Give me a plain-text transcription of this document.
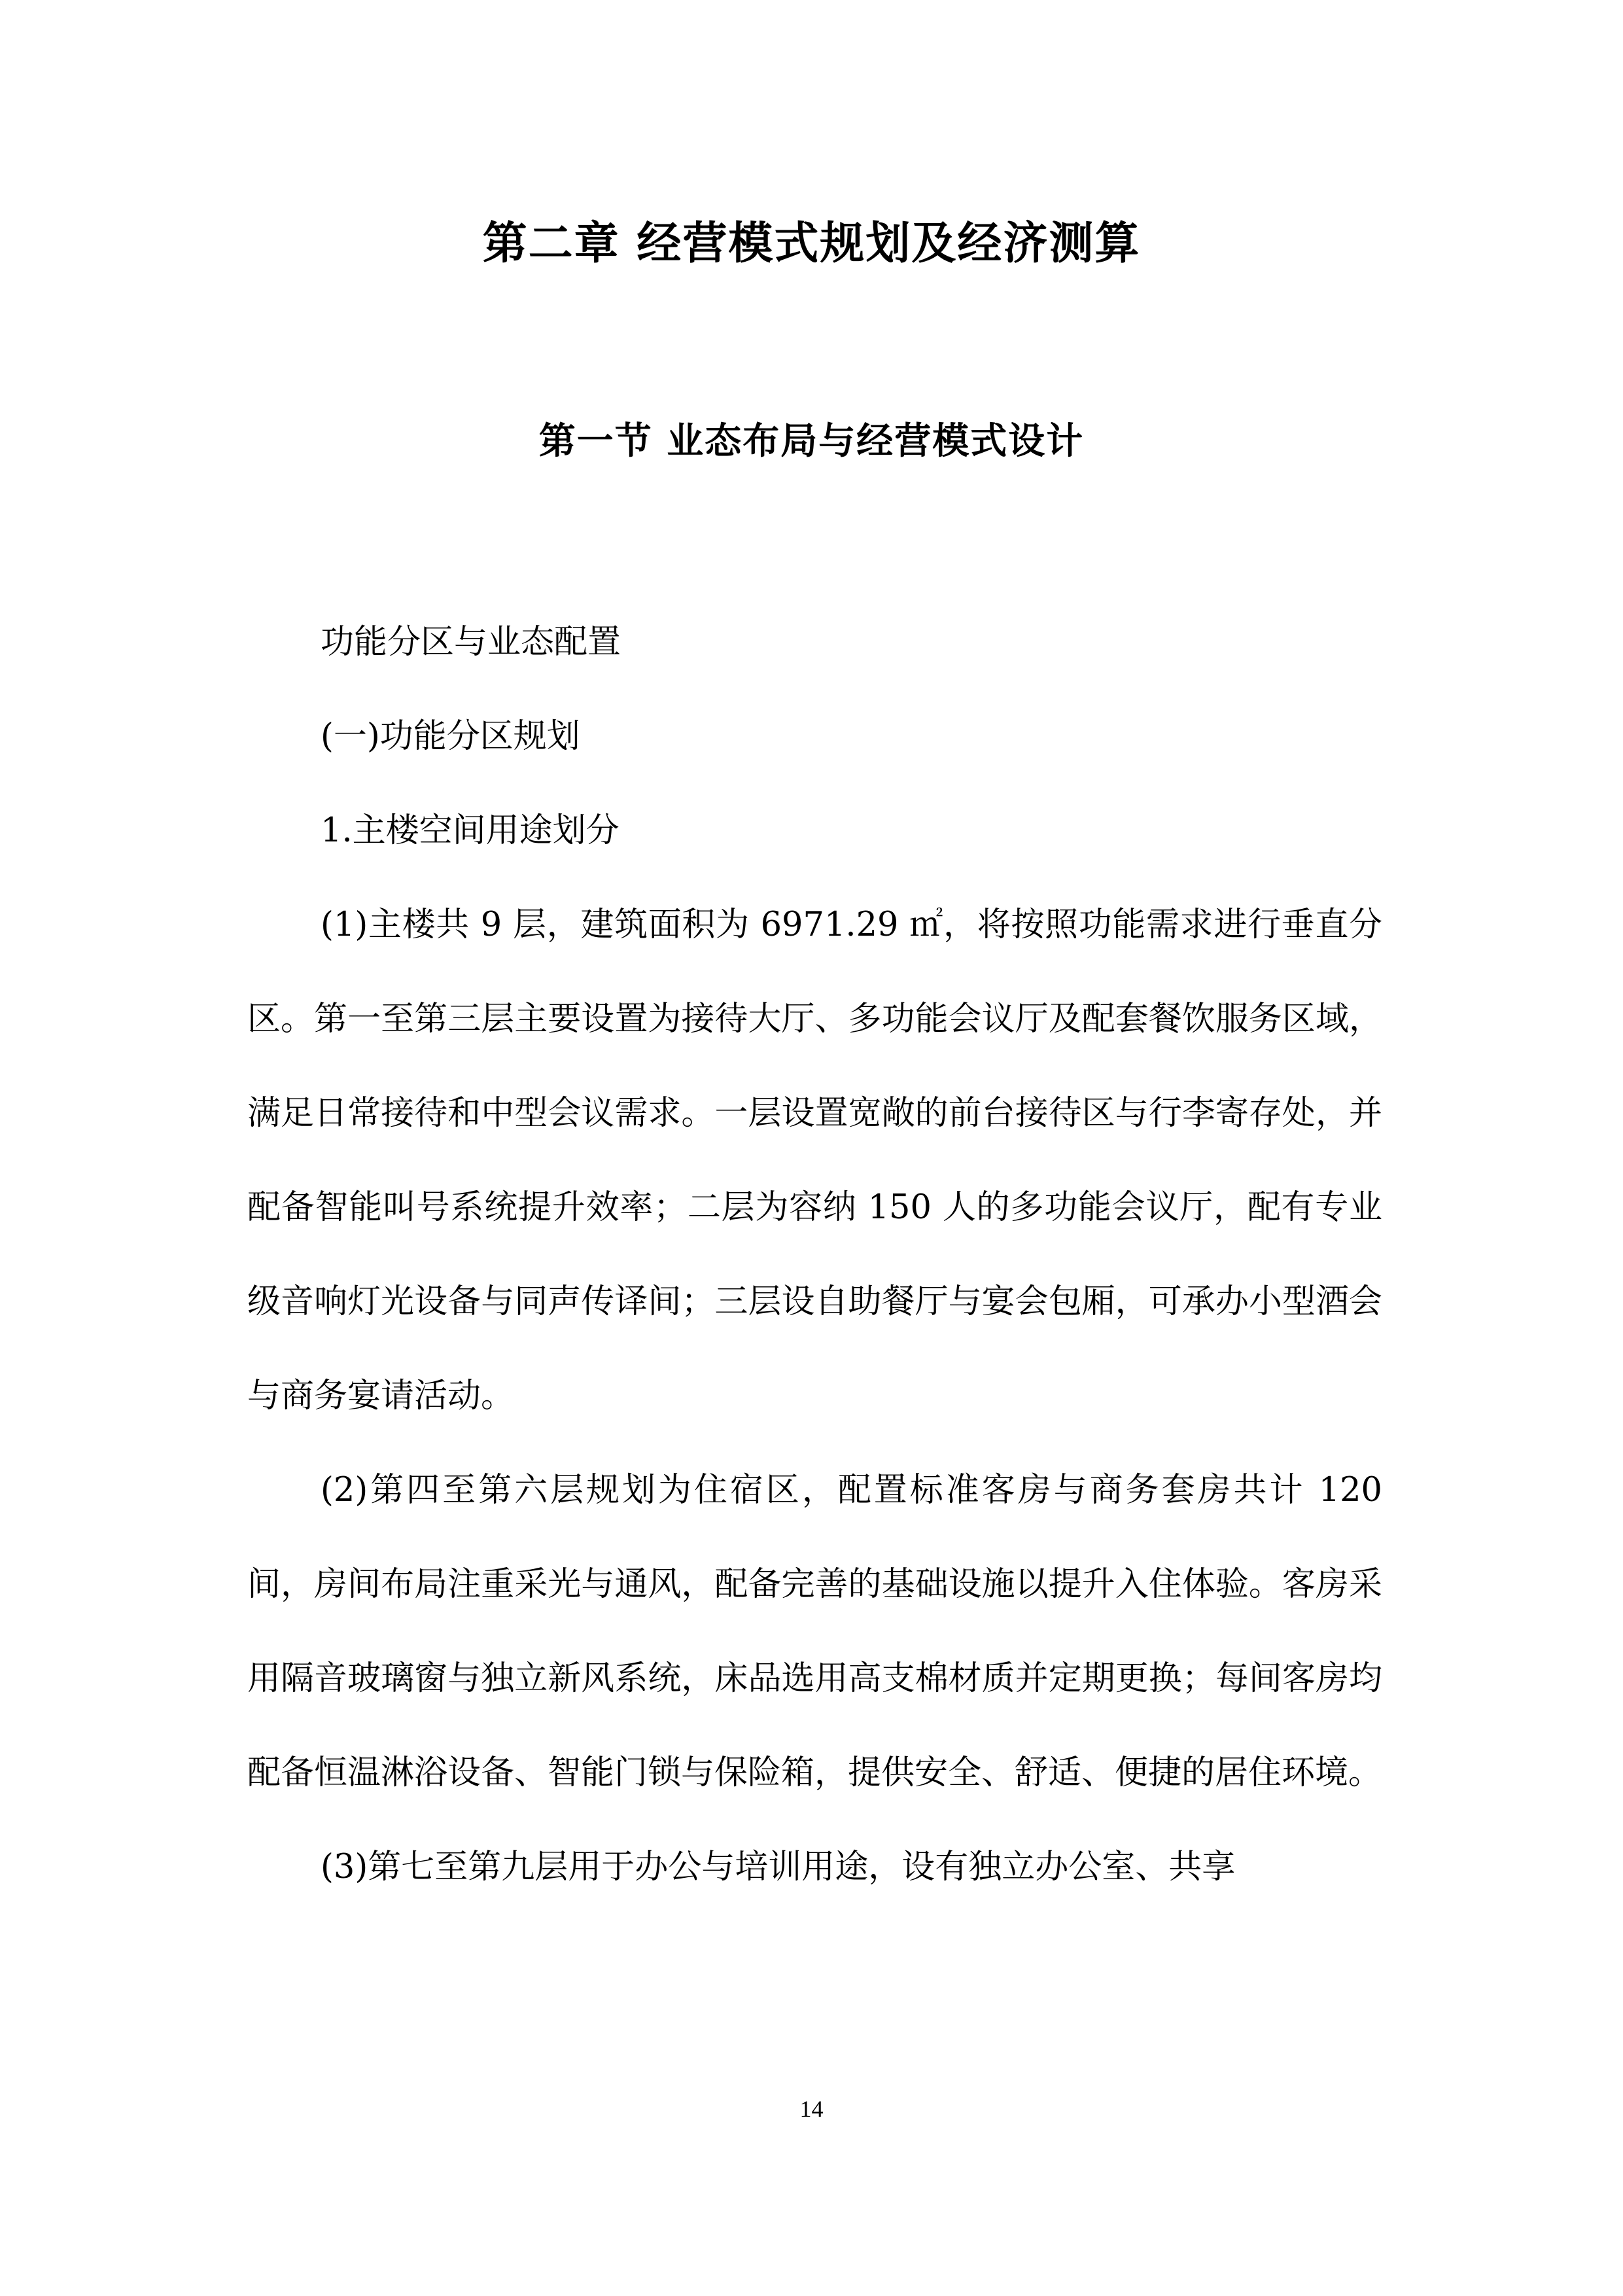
第二章 经营模式规划及经济测算
第一节 业态布局与经营模式设计

功能分区与业态配置

(一)功能分区规划

1.主楼空间用途划分

(1)主楼共 9 层，建筑面积为 6971.29 ㎡，将按照功能需求进行垂直分区。第一至第三层主要设置为接待大厅、多功能会议厅及配套餐饮服务区域，满足日常接待和中型会议需求。一层设置宽敞的前台接待区与行李寄存处，并配备智能叫号系统提升效率；二层为容纳 150 人的多功能会议厅，配有专业级音响灯光设备与同声传译间；三层设自助餐厅与宴会包厢，可承办小型酒会与商务宴请活动。

(2)第四至第六层规划为住宿区，配置标准客房与商务套房共计 120 间，房间布局注重采光与通风，配备完善的基础设施以提升入住体验。客房采用隔音玻璃窗与独立新风系统，床品选用高支棉材质并定期更换；每间客房均配备恒温淋浴设备、智能门锁与保险箱，提供安全、舒适、便捷的居住环境。

(3)第七至第九层用于办公与培训用途，设有独立办公室、共享

14
